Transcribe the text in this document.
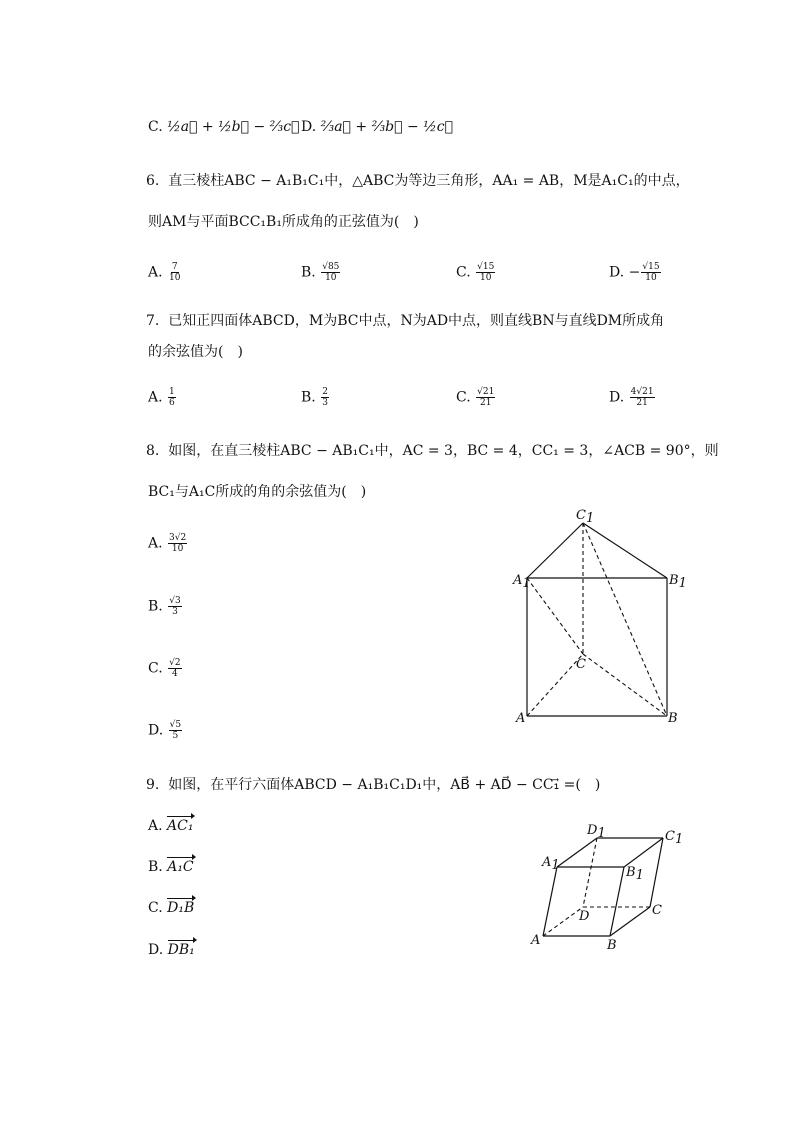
C. ½a⃗ + ½b⃗ − ⅔c⃗ D. ⅔a⃗ + ⅔b⃗ − ½c⃗
6. 直三棱柱ABC − A₁B₁C₁中，△ABC为等边三角形，AA₁ = AB，M是A₁C₁的中点，
则AM与平面BCC₁B₁所成角的正弦值为(　)
A. $\frac{7}{10}$	B. $\frac{√85}{10}$	C. $\frac{√15}{10}$	D. − $\frac{√15}{10}$
7. 已知正四面体ABCD，M为BC中点，N为AD中点，则直线BN与直线DM所成角
的余弦值为(　)
A. $\frac{1}{6}$	B. $\frac{2}{3}$	C. $\frac{√21}{21}$	D. $\frac{4√21}{21}$
8. 如图，在直三棱柱ABC − AB₁C₁中，AC = 3，BC = 4，CC₁ = 3，∠ACB = 90°，则
BC₁与A₁C所成的角的余弦值为(　)
A. $\frac{3√2}{10}$
B. $\frac{√3}{3}$
C. $\frac{√2}{4}$
D. $\frac{√5}{5}$
C1
A1	B1
C
A	B
9. 如图，在平行六面体ABCD − A₁B₁C₁D₁中，AB⃗ + AD⃗ − CC₁⃗ =(　)
A. AC₁
B. A₁C
C. D₁B
D. DB₁
D1	C1
A1	B1
D	C
A	B
